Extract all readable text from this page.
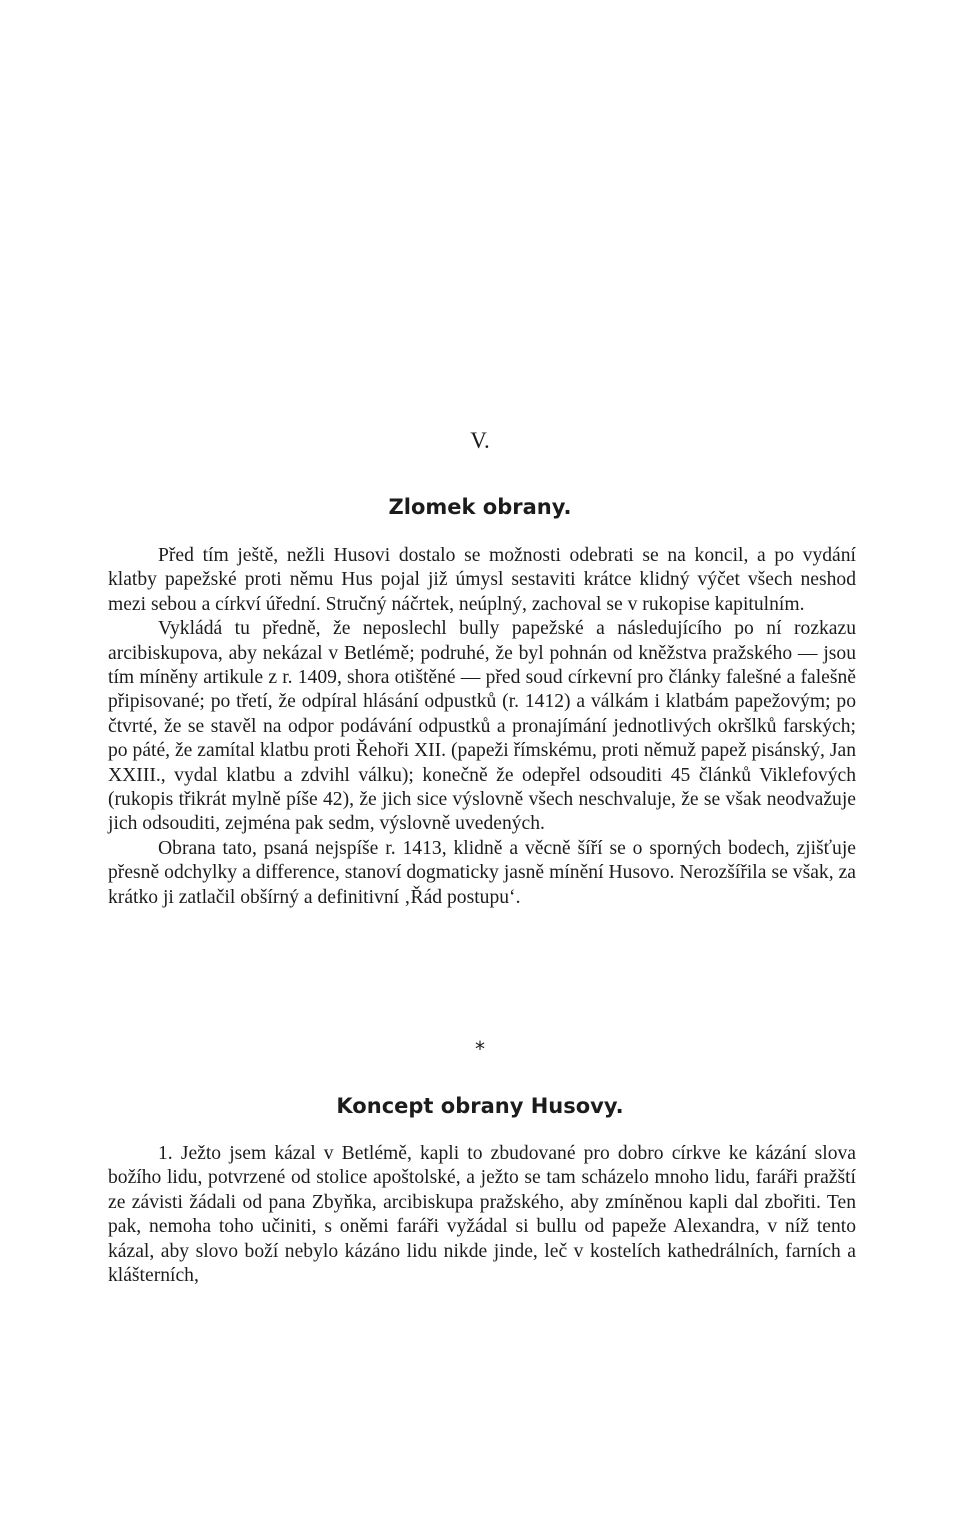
V.
Zlomek obrany.

Před tím ještě, nežli Husovi dostalo se možnosti odebrati se na koncil, a po vydání klatby papežské proti němu Hus pojal již úmysl sestaviti krátce klidný výčet všech neshod mezi sebou a církví úřední. Stručný náčrtek, neúplný, zachoval se v rukopise kapitulním.

Vykládá tu předně, že neposlechl bully papežské a následujícího po ní rozkazu arcibiskupova, aby nekázal v Betlémě; podruhé, že byl pohnán od kněžstva pražského — jsou tím míněny artikule z r. 1409, shora otištěné — před soud církevní pro články falešné a falešně připisované; po třetí, že odpíral hlásání odpustků (r. 1412) a válkám i klatbám papežovým; po čtvrté, že se stavěl na odpor podávání odpustků a pronajímání jednotlivých okršlků farských; po páté, že zamítal klatbu proti Řehoři XII. (papeži římskému, proti němuž papež pisánský, Jan XXIII., vydal klatbu a zdvihl válku); konečně že odepřel odsouditi 45 článků Viklefových (rukopis třikrát mylně píše 42), že jich sice výslovně všech neschvaluje, že se však neodvažuje jich odsouditi, zejména pak sedm, výslovně uvedených.

Obrana tato, psaná nejspíše r. 1413, klidně a věcně šíří se o sporných bodech, zjišťuje přesně odchylky a difference, stanoví dogmaticky jasně mínění Husovo. Nerozšířila se však, za krátko ji zatlačil obšírný a definitivní ‚Řád postupu‘.

*
Koncept obrany Husovy.

1. Ježto jsem kázal v Betlémě, kapli to zbudované pro dobro církve ke kázání slova božího lidu, potvrzené od stolice apoštolské, a ježto se tam scházelo mnoho lidu, faráři pražští ze závisti žádali od pana Zbyňka, arcibiskupa pražského, aby zmíněnou kapli dal zbořiti. Ten pak, nemoha toho učiniti, s oněmi faráři vyžádal si bullu od papeže Alexandra, v níž tento kázal, aby slovo boží nebylo kázáno lidu nikde jinde, leč v kostelích kathedrálních, farních a klášterních,
